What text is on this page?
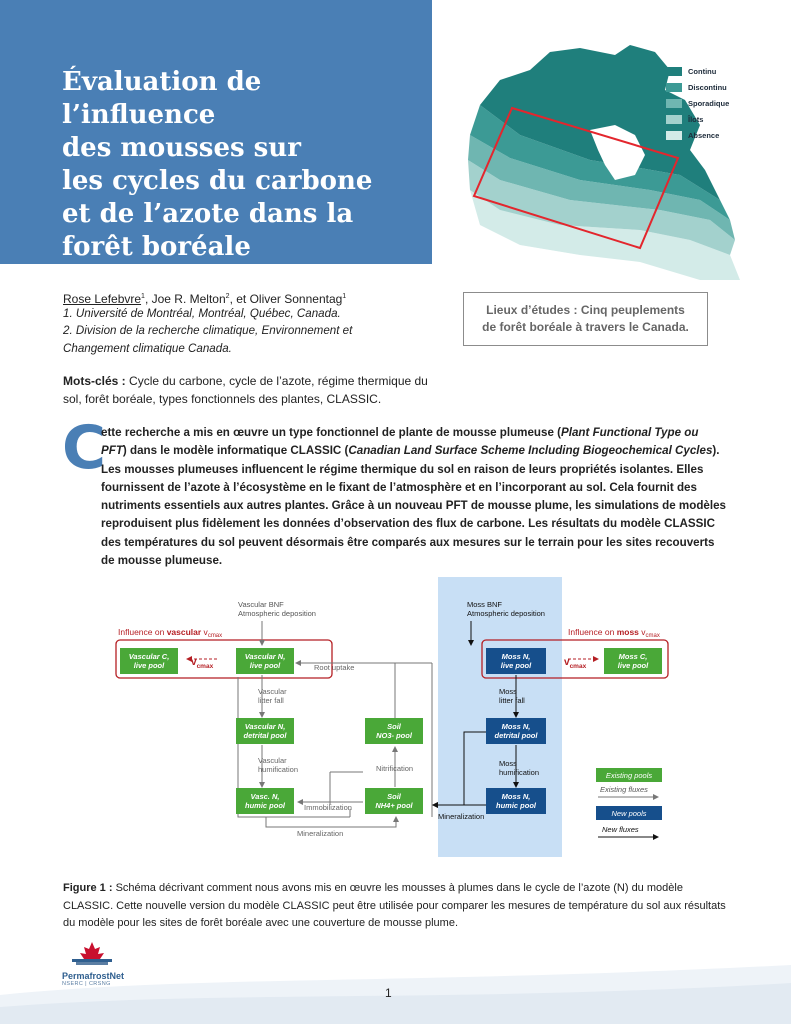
Évaluation de l’influence
des mousses sur
les cycles du carbone
et de l’azote dans la
forêt boréale
Continu
Discontinu
Sporadique
Îlots
Absence
Lieux d’études : Cinq peuplements
de forêt boréale à travers le Canada.
Rose Lefebvre$^1$, Joe R. Melton$^2$, et Oliver Sonnentag$^1$
1. Université de Montréal, Montréal, Québec, Canada.
2. Division de la recherche climatique, Environnement et
Changement climatique Canada.
Mots-clés : Cycle du carbone, cycle de l’azote, régime thermique du sol, forêt boréale, types fonctionnels des plantes, CLASSIC.
C
ette recherche a mis en œuvre un type fonctionnel de plante de mousse plumeuse (Plant Functional Type ou
PFT) dans le modèle informatique CLASSIC (Canadian Land Surface Scheme Including Biogeochemical Cycles).
Les mousses plumeuses influencent le régime thermique du sol en raison de leurs propriétés isolantes. Elles fournissent de l’azote à l’écosystème en le fixant de l’atmosphère et en l’incorporant au sol. Cela fournit des nutriments essentiels aux autres plantes. Grâce à un nouveau PFT de mousse plume, les simulations de modèles reproduisent plus fidèlement les données d’observation des flux de carbone. Les résultats du modèle CLASSIC des températures du sol peuvent désormais être comparés aux mesures sur le terrain pour les sites recouverts de mousse plumeuse.
Vascular BNF
Atmospheric deposition
Moss BNF
Atmospheric deposition
Influence on vascular $v_{cmax}$	Influence on moss $v_{cmax}$
$v_{cmax}$	$v_{cmax}$
Root uptake
Vascular
litter fall
Vascular
humification	Nitrification
Immobilization
Mineralization
Moss
litter fall
Moss
humification
Mineralization
Vascular C,
live pool
Vascular N,
live pool
Vascular N,
detrital pool
Vasc. N,
humic pool
Soil
NO3- pool
Soil
NH4+ pool
Moss C,
live pool
Moss N,
live pool
Moss N,
detrital pool
Moss N,
humic pool
Existing pools
Existing fluxes
New pools
New fluxes
Figure 1 : Schéma décrivant comment nous avons mis en œuvre les mousses à plumes dans le cycle de l’azote (N) du modèle CLASSIC. Cette nouvelle version du modèle CLASSIC peut être utilisée pour comparer les mesures de température du sol aux résultats du modèle pour les sites de forêt boréale avec une couverture de mousse plume.
PermafrostNet
NSERC | CRSNG
1
